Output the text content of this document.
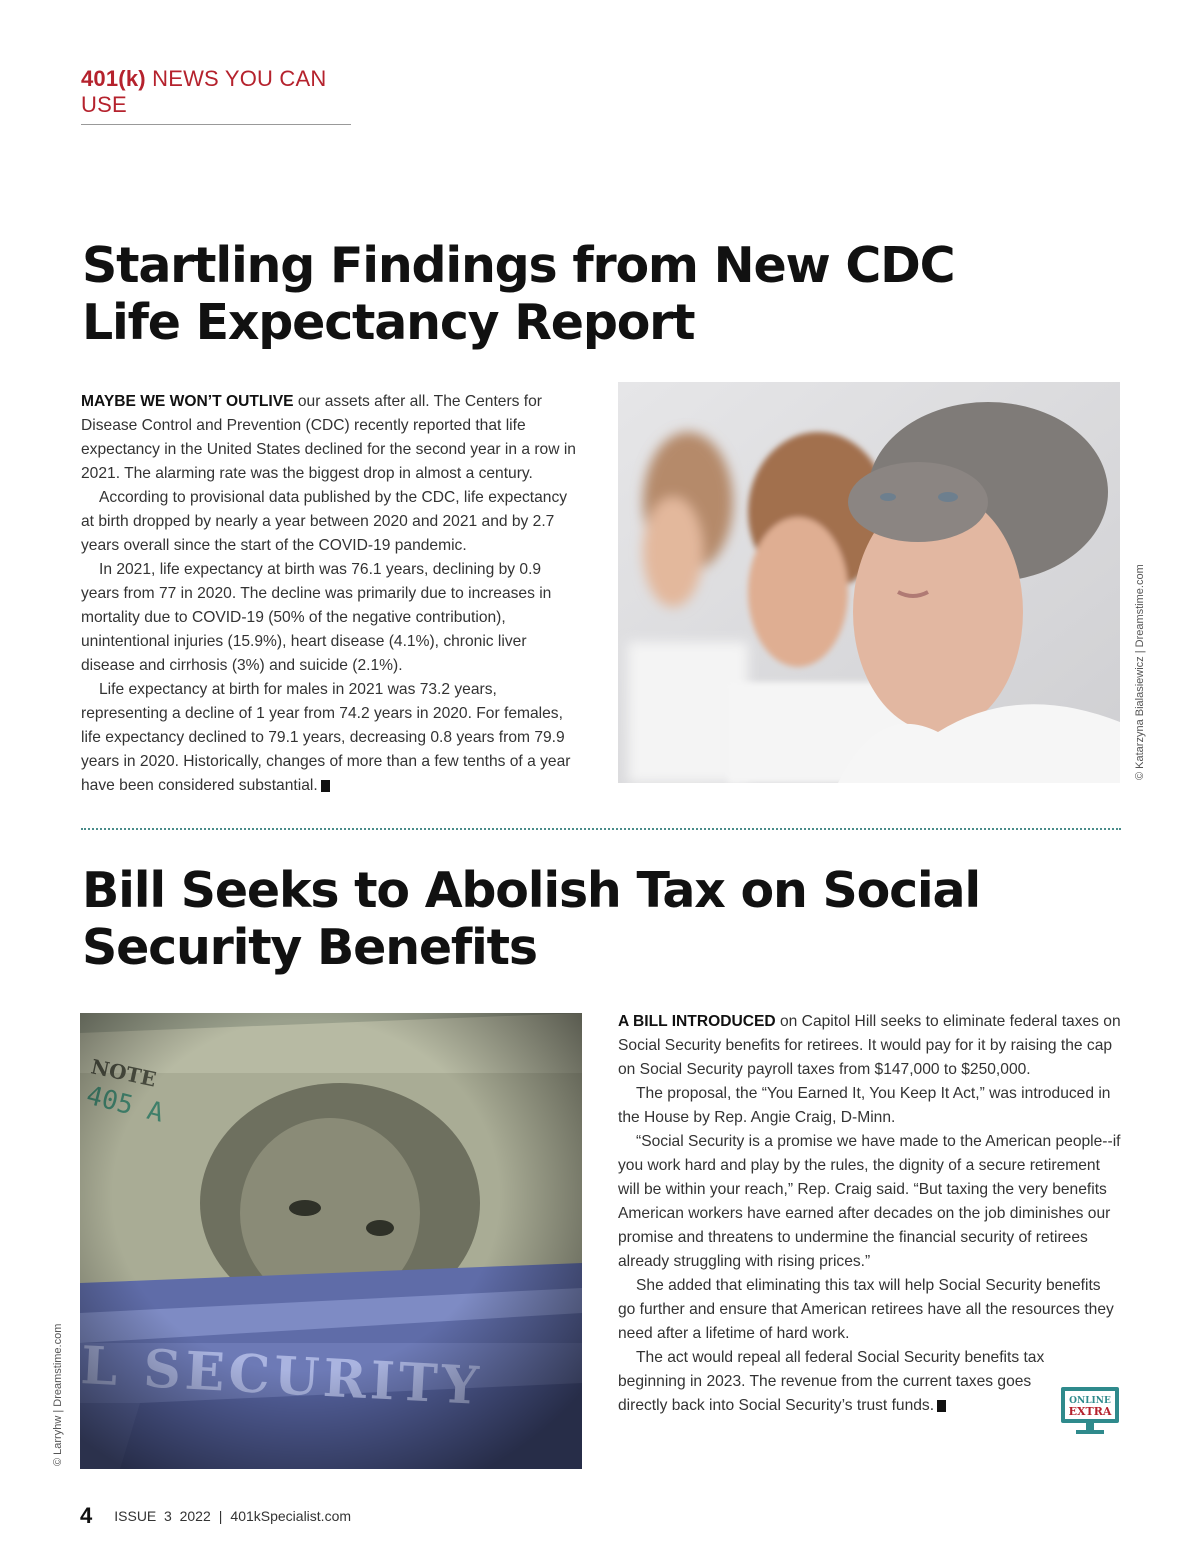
401(k) NEWS YOU CAN USE
Startling Findings from New CDC Life Expectancy Report

MAYBE WE WON’T OUTLIVE our assets after all. The Centers for Disease Control and Prevention (CDC) recently reported that life expectancy in the United States declined for the second year in a row in 2021. The alarming rate was the biggest drop in almost a century.

According to provisional data published by the CDC, life expectancy at birth dropped by nearly a year between 2020 and 2021 and by 2.7 years overall since the start of the COVID-19 pandemic.

In 2021, life expectancy at birth was 76.1 years, declining by 0.9 years from 77 in 2020. The decline was primarily due to increases in mortality due to COVID-19 (50% of the negative contribution), unintentional injuries (15.9%), heart disease (4.1%), chronic liver disease and cirrhosis (3%) and suicide (2.1%).

Life expectancy at birth for males in 2021 was 73.2 years, representing a decline of 1 year from 74.2 years in 2020. For females, life expectancy declined to 79.1 years, decreasing 0.8 years from 79.9 years in 2020. Historically, changes of more than a few tenths of a year have been considered substantial. K

© Katarzyna Bialasiewicz | Dreamstime.com
Bill Seeks to Abolish Tax on Social Security Benefits
© Larryhw | Dreamstime.com

A BILL INTRODUCED on Capitol Hill seeks to eliminate federal taxes on Social Security benefits for retirees. It would pay for it by raising the cap on Social Security payroll taxes from $147,000 to $250,000.

The proposal, the “You Earned It, You Keep It Act,” was introduced in the House by Rep. Angie Craig, D-Minn.

“Social Security is a promise we have made to the American people--if you work hard and play by the rules, the dignity of a secure retirement will be within your reach,” Rep. Craig said. “But taxing the very benefits American workers have earned after decades on the job diminishes our promise and threatens to undermine the financial security of retirees already struggling with rising prices.”

She added that eliminating this tax will help Social Security benefits go further and ensure that American retirees have all the resources they need after a lifetime of hard work.

The act would repeal all federal Social Security benefits tax beginning in 2023. The revenue from the current taxes goes directly back into Social Security’s trust funds. K	ONLINE
EXTRA
4 ISSUE  3  2022 | 401kSpecialist.com
